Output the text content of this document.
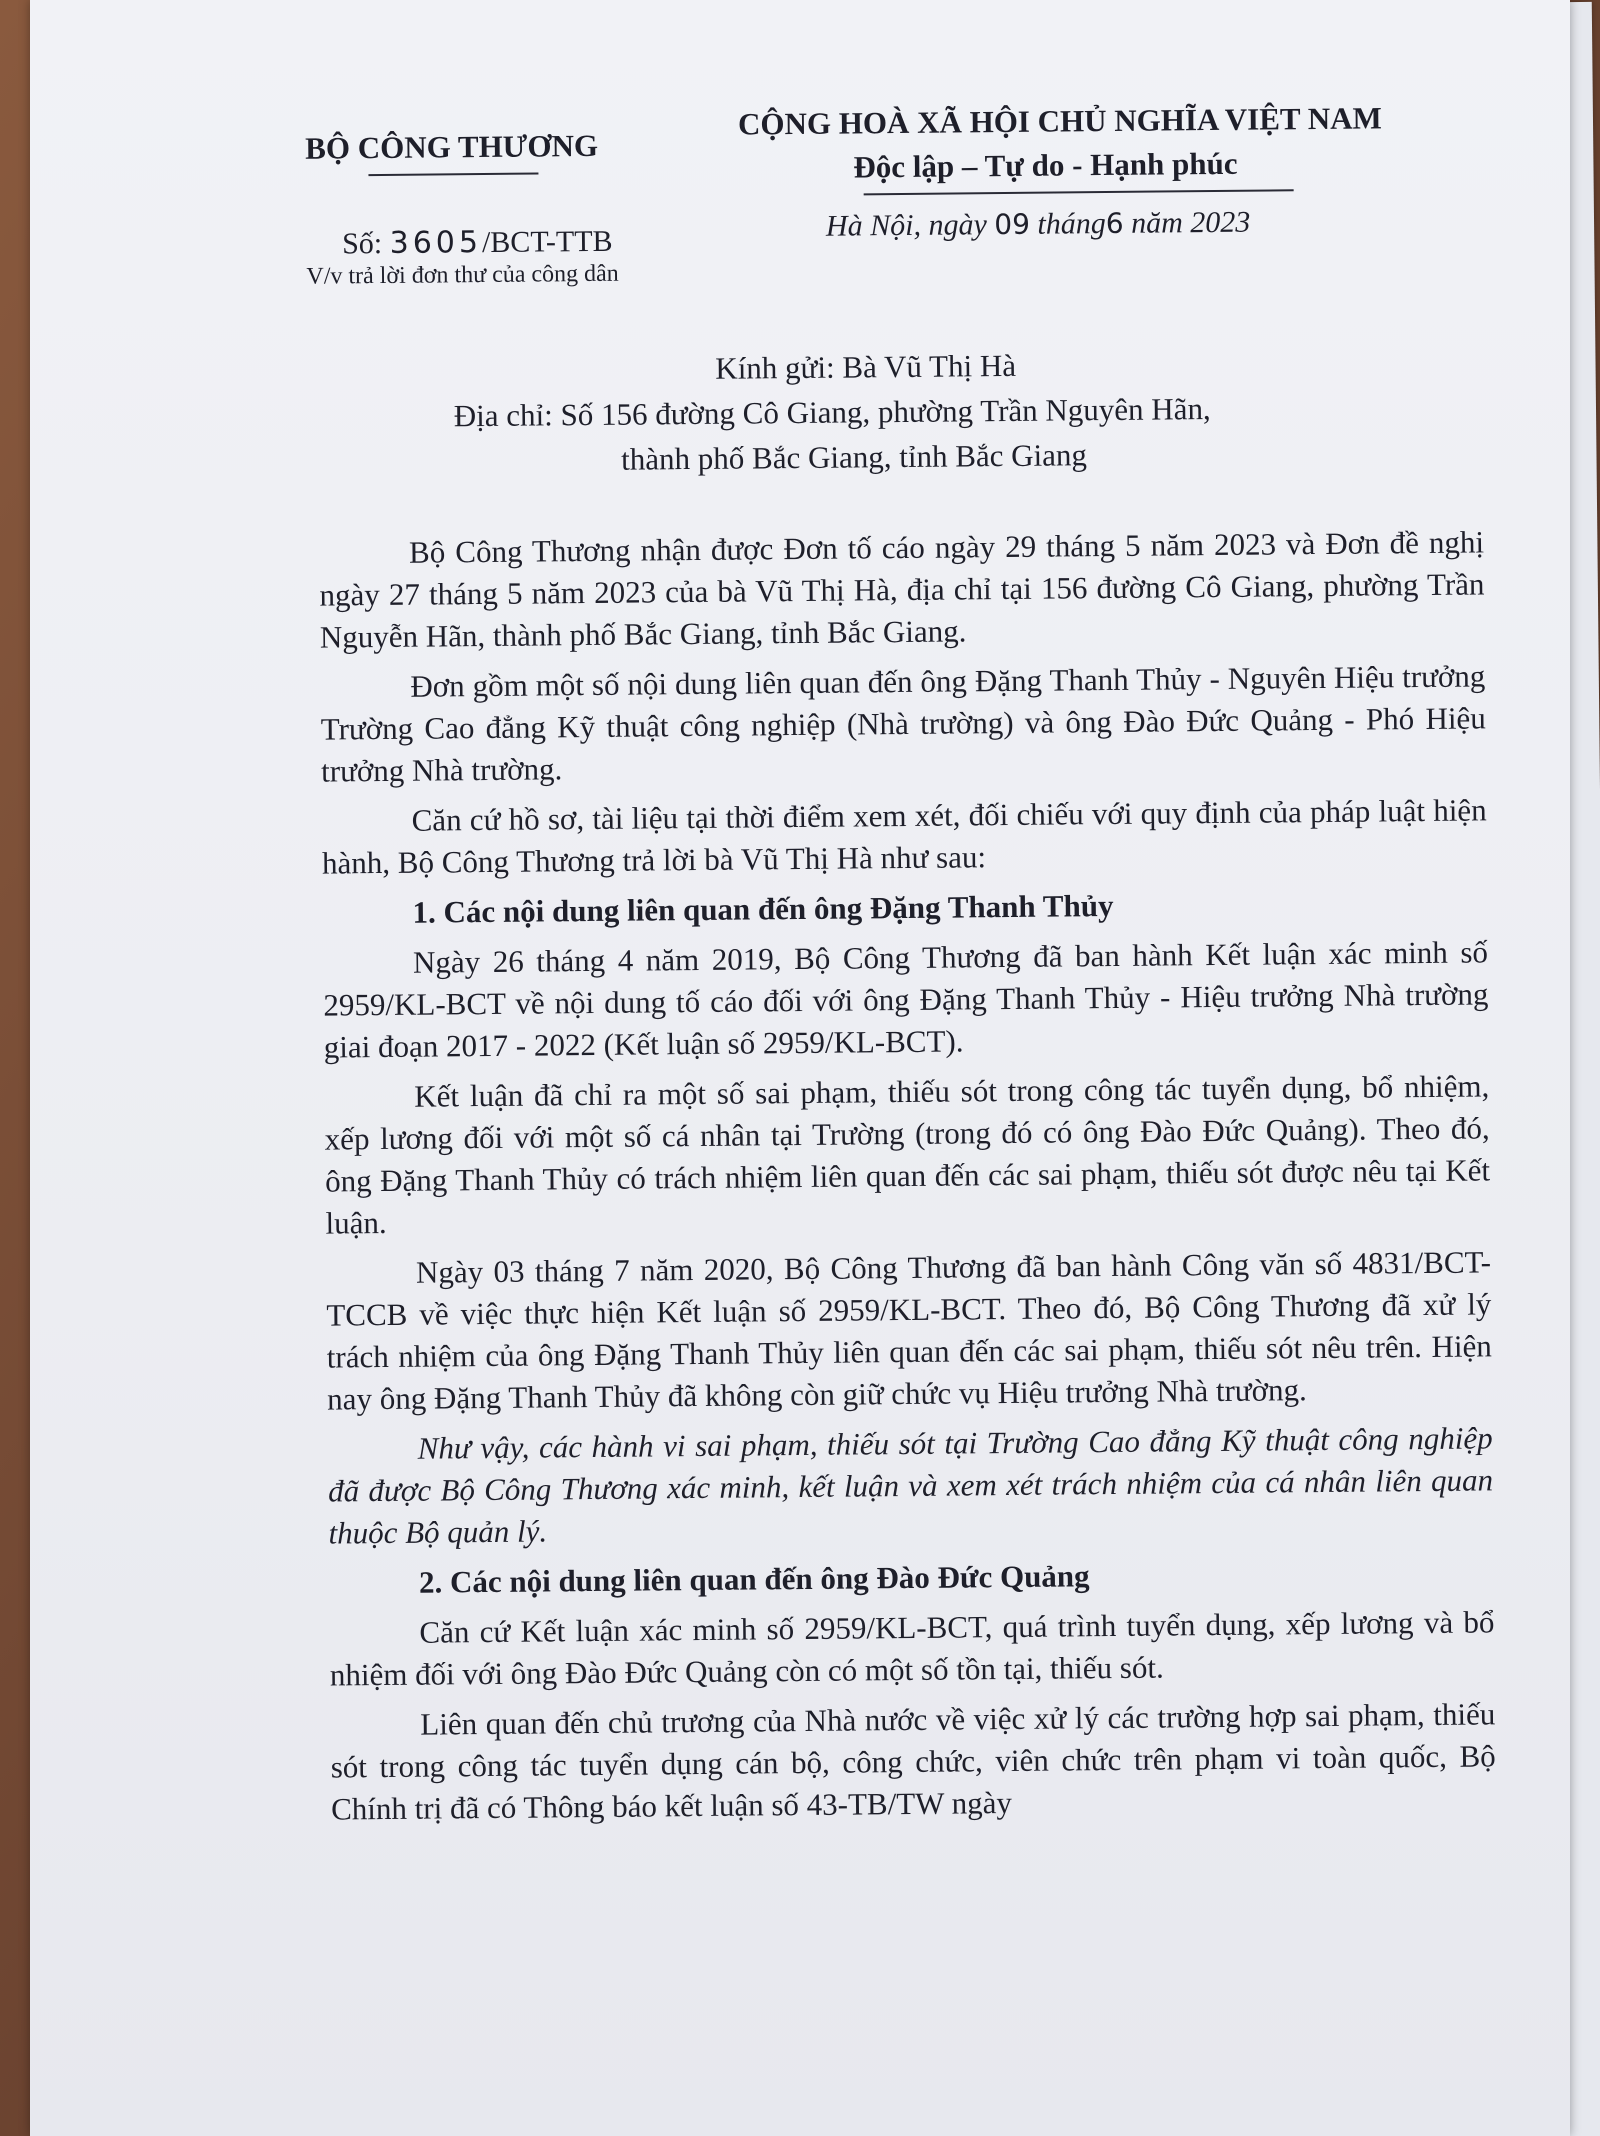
BỘ CÔNG THƯƠNG
CỘNG HOÀ XÃ HỘI CHỦ NGHĨA VIỆT NAM
Độc lập – Tự do - Hạnh phúc
Số: 3605/BCT-TTB
V/v trả lời đơn thư của công dân
Hà Nội, ngày 09 tháng6 năm 2023
Kính gửi: Bà Vũ Thị Hà
Địa chỉ: Số 156 đường Cô Giang, phường Trần Nguyên Hãn,
thành phố Bắc Giang, tỉnh Bắc Giang

Bộ Công Thương nhận được Đơn tố cáo ngày 29 tháng 5 năm 2023 và Đơn đề nghị ngày 27 tháng 5 năm 2023 của bà Vũ Thị Hà, địa chỉ tại 156 đường Cô Giang, phường Trần Nguyễn Hãn, thành phố Bắc Giang, tỉnh Bắc Giang.

Đơn gồm một số nội dung liên quan đến ông Đặng Thanh Thủy - Nguyên Hiệu trưởng Trường Cao đẳng Kỹ thuật công nghiệp (Nhà trường) và ông Đào Đức Quảng - Phó Hiệu trưởng Nhà trường.

Căn cứ hồ sơ, tài liệu tại thời điểm xem xét, đối chiếu với quy định của pháp luật hiện hành, Bộ Công Thương trả lời bà Vũ Thị Hà như sau:

1. Các nội dung liên quan đến ông Đặng Thanh Thủy

Ngày 26 tháng 4 năm 2019, Bộ Công Thương đã ban hành Kết luận xác minh số 2959/KL-BCT về nội dung tố cáo đối với ông Đặng Thanh Thủy - Hiệu trưởng Nhà trường giai đoạn 2017 - 2022 (Kết luận số 2959/KL-BCT).

Kết luận đã chỉ ra một số sai phạm, thiếu sót trong công tác tuyển dụng, bổ nhiệm, xếp lương đối với một số cá nhân tại Trường (trong đó có ông Đào Đức Quảng). Theo đó, ông Đặng Thanh Thủy có trách nhiệm liên quan đến các sai phạm, thiếu sót được nêu tại Kết luận.

Ngày 03 tháng 7 năm 2020, Bộ Công Thương đã ban hành Công văn số 4831/BCT-TCCB về việc thực hiện Kết luận số 2959/KL-BCT. Theo đó, Bộ Công Thương đã xử lý trách nhiệm của ông Đặng Thanh Thủy liên quan đến các sai phạm, thiếu sót nêu trên. Hiện nay ông Đặng Thanh Thủy đã không còn giữ chức vụ Hiệu trưởng Nhà trường.

Như vậy, các hành vi sai phạm, thiếu sót tại Trường Cao đẳng Kỹ thuật công nghiệp đã được Bộ Công Thương xác minh, kết luận và xem xét trách nhiệm của cá nhân liên quan thuộc Bộ quản lý.

2. Các nội dung liên quan đến ông Đào Đức Quảng

Căn cứ Kết luận xác minh số 2959/KL-BCT, quá trình tuyển dụng, xếp lương và bổ nhiệm đối với ông Đào Đức Quảng còn có một số tồn tại, thiếu sót.

Liên quan đến chủ trương của Nhà nước về việc xử lý các trường hợp sai phạm, thiếu sót trong công tác tuyển dụng cán bộ, công chức, viên chức trên phạm vi toàn quốc, Bộ Chính trị đã có Thông báo kết luận số 43-TB/TW ngày
